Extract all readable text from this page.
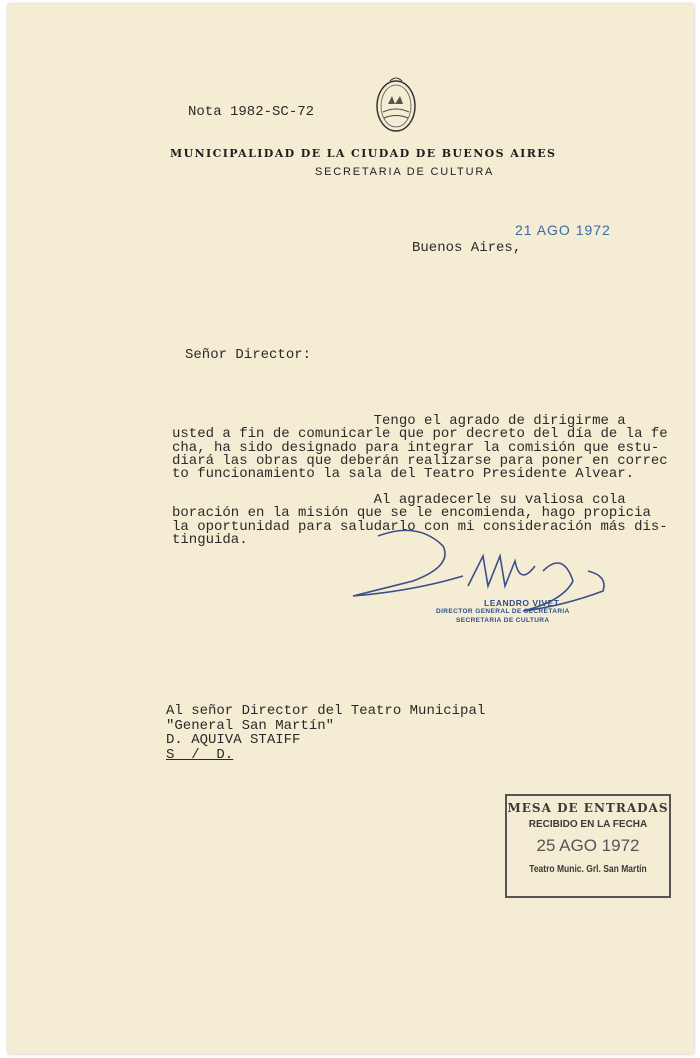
Nota 1982-SC-72
MUNICIPALIDAD DE LA CIUDAD DE BUENOS AIRES
SECRETARIA DE CULTURA
Buenos Aires,
21 AGO 1972
Señor Director:
Tengo el agrado de dirigirme a
usted a fin de comunicarle que por decreto del día de la fe
cha, ha sido designado para integrar la comisión que estu-
diará las obras que deberán realizarse para poner en correc
to funcionamiento la sala del Teatro Presidente Alvear.
Al agradecerle su valiosa cola
boración en la misión que se le encomienda, hago propicia
la oportunidad para saludarlo con mi consideración más dis-
tinguida.
LEANDRO VIVET
DIRECTOR GENERAL DE SECRETARIA
SECRETARIA DE CULTURA
Al señor Director del Teatro Municipal
"General San Martín"
D. AQUIVA STAIFF
S  /  D.
MESA DE ENTRADAS
RECIBIDO EN LA FECHA
25 AGO 1972
Teatro Munic. Grl. San Martín
